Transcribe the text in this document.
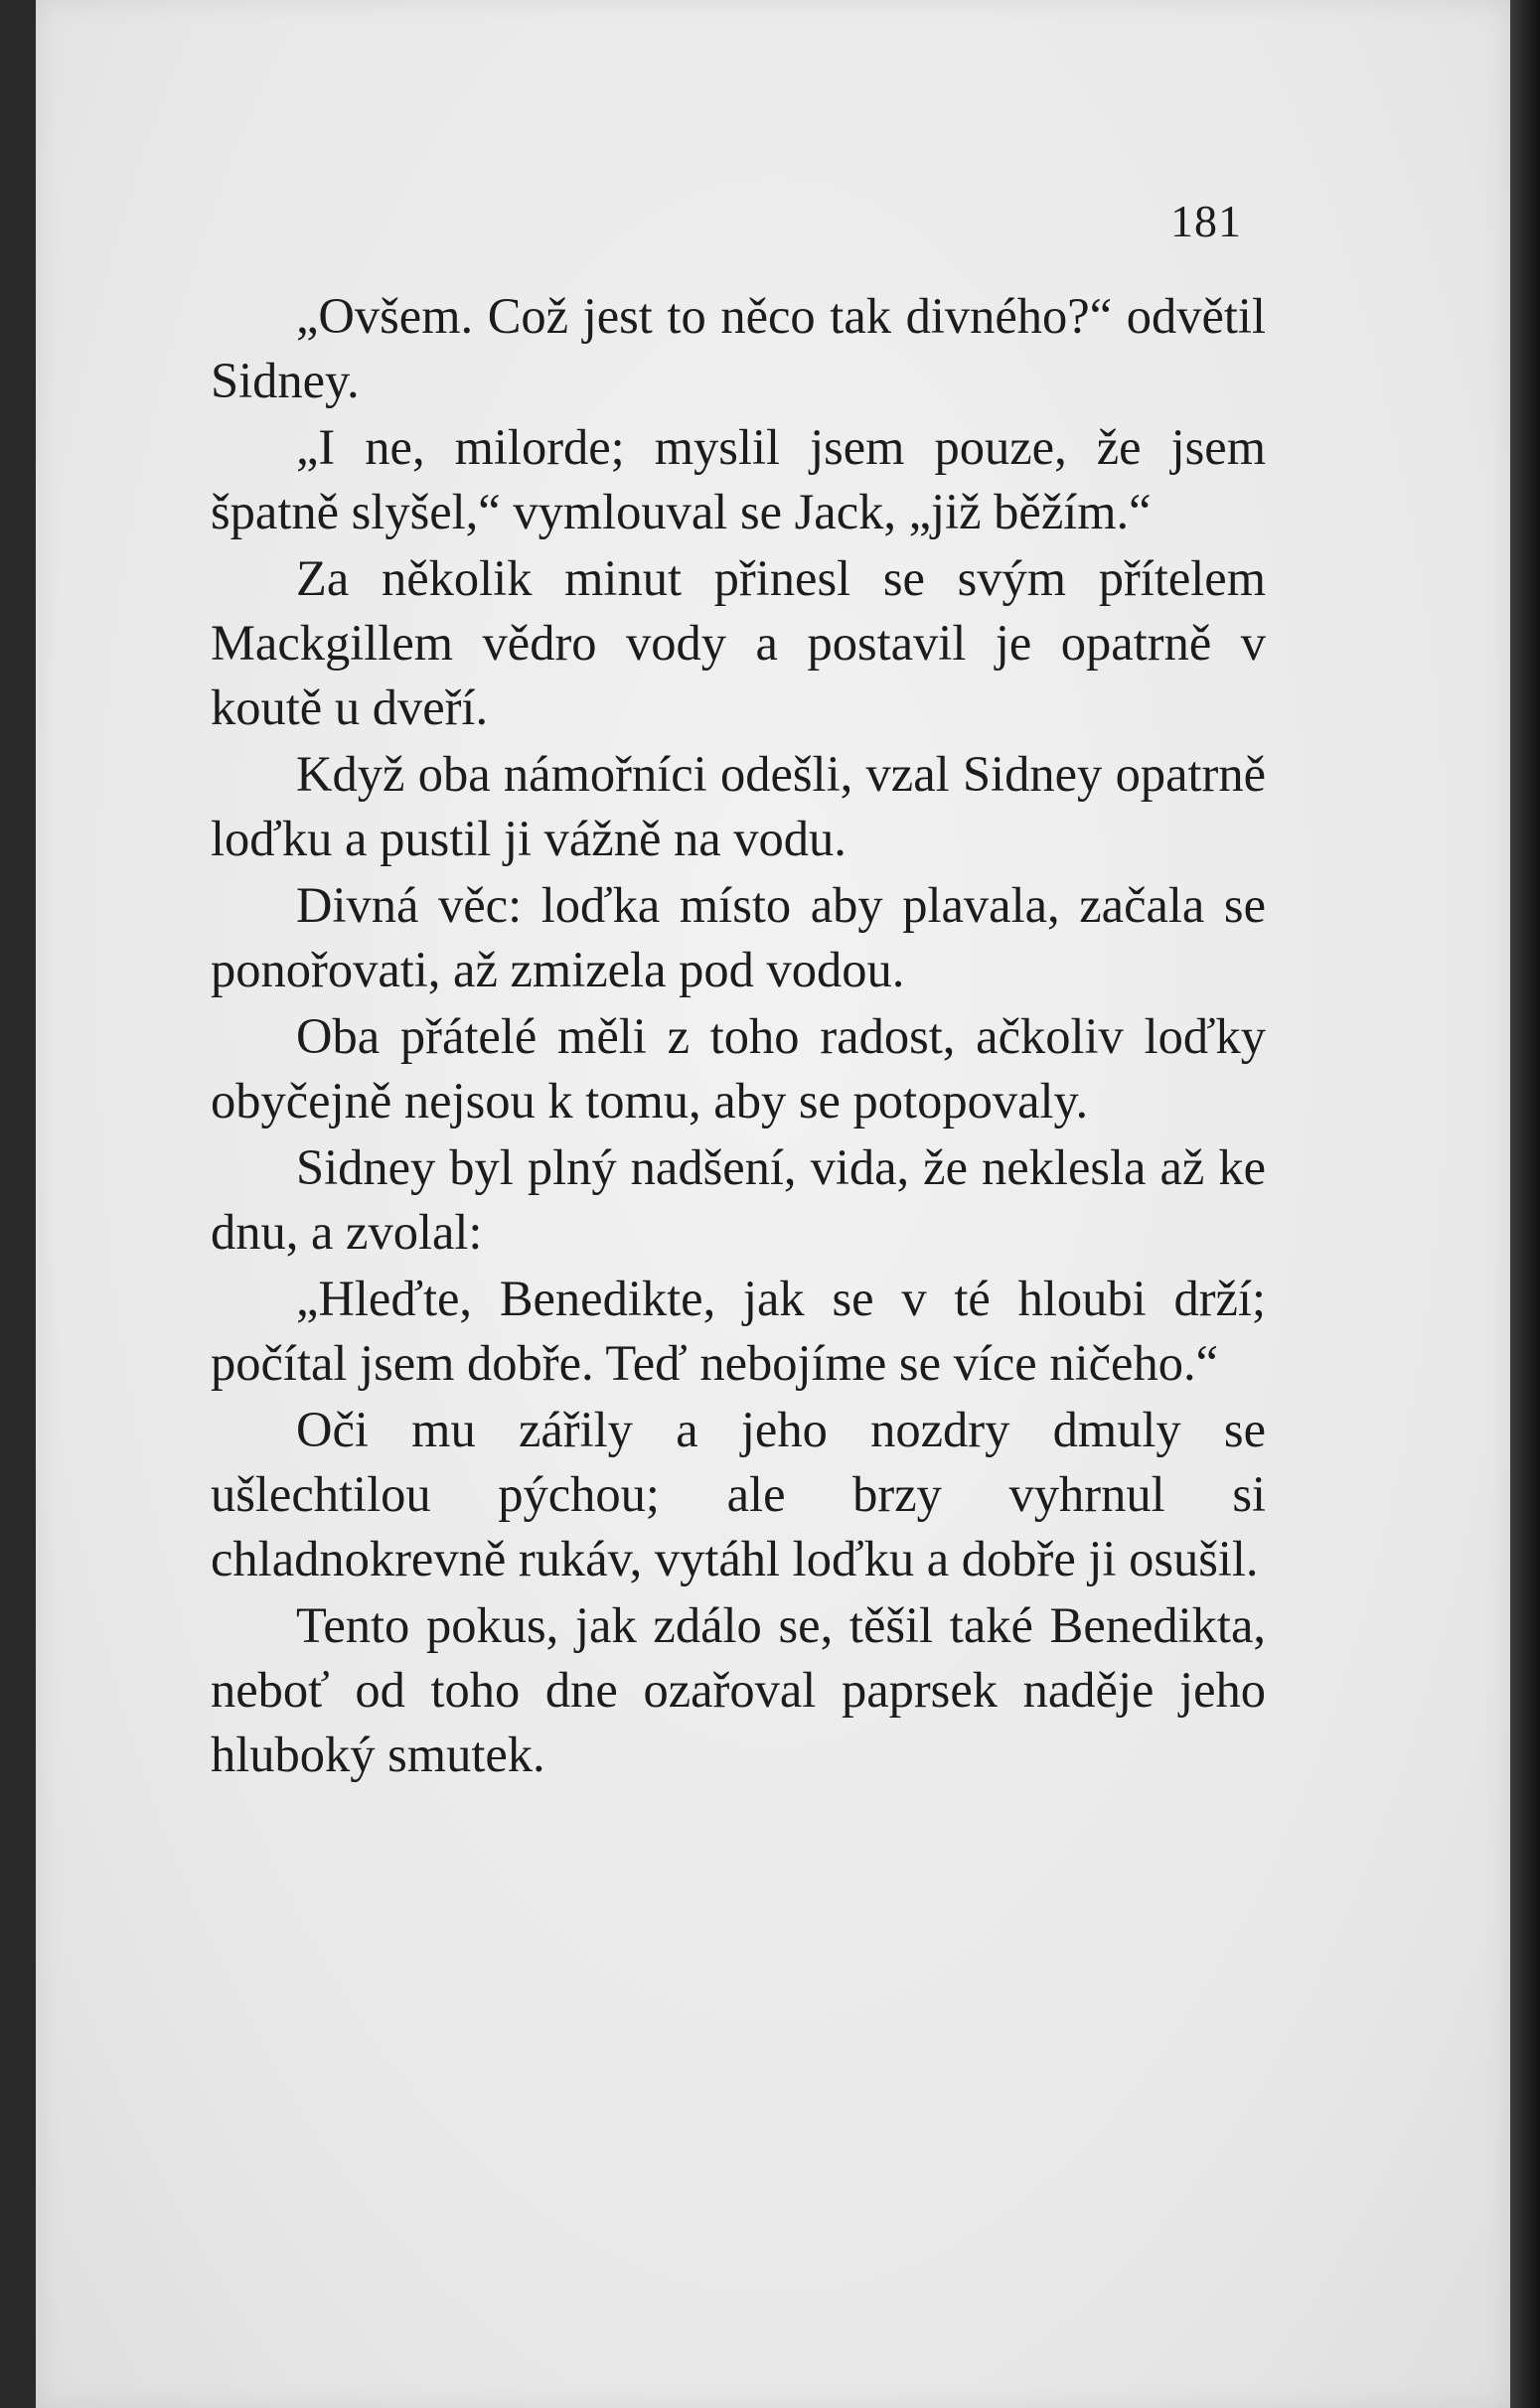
181

„Ovšem. Což jest to něco tak divného?“ odvětil Sidney.

„I ne, milorde; myslil jsem pouze, že jsem špatně slyšel,“ vymlouval se Jack, „již běžím.“

Za několik minut přinesl se svým přítelem Mackgillem vědro vody a postavil je opatrně v koutě u dveří.

Když oba námořníci odešli, vzal Sidney opatrně loďku a pustil ji vážně na vodu.

Divná věc: loďka místo aby plavala, začala se ponořovati, až zmizela pod vodou.

Oba přátelé měli z toho radost, ačkoliv loďky obyčejně nejsou k tomu, aby se potopovaly.

Sidney byl plný nadšení, vida, že neklesla až ke dnu, a zvolal:

„Hleďte, Benedikte, jak se v té hloubi drží; počítal jsem dobře. Teď nebojíme se více ničeho.“

Oči mu zářily a jeho nozdry dmuly se ušlechtilou pýchou; ale brzy vyhrnul si chladnokrevně rukáv, vytáhl loďku a dobře ji osušil.

Tento pokus, jak zdálo se, těšil také Benedikta, neboť od toho dne ozařoval paprsek naděje jeho hluboký smutek.
